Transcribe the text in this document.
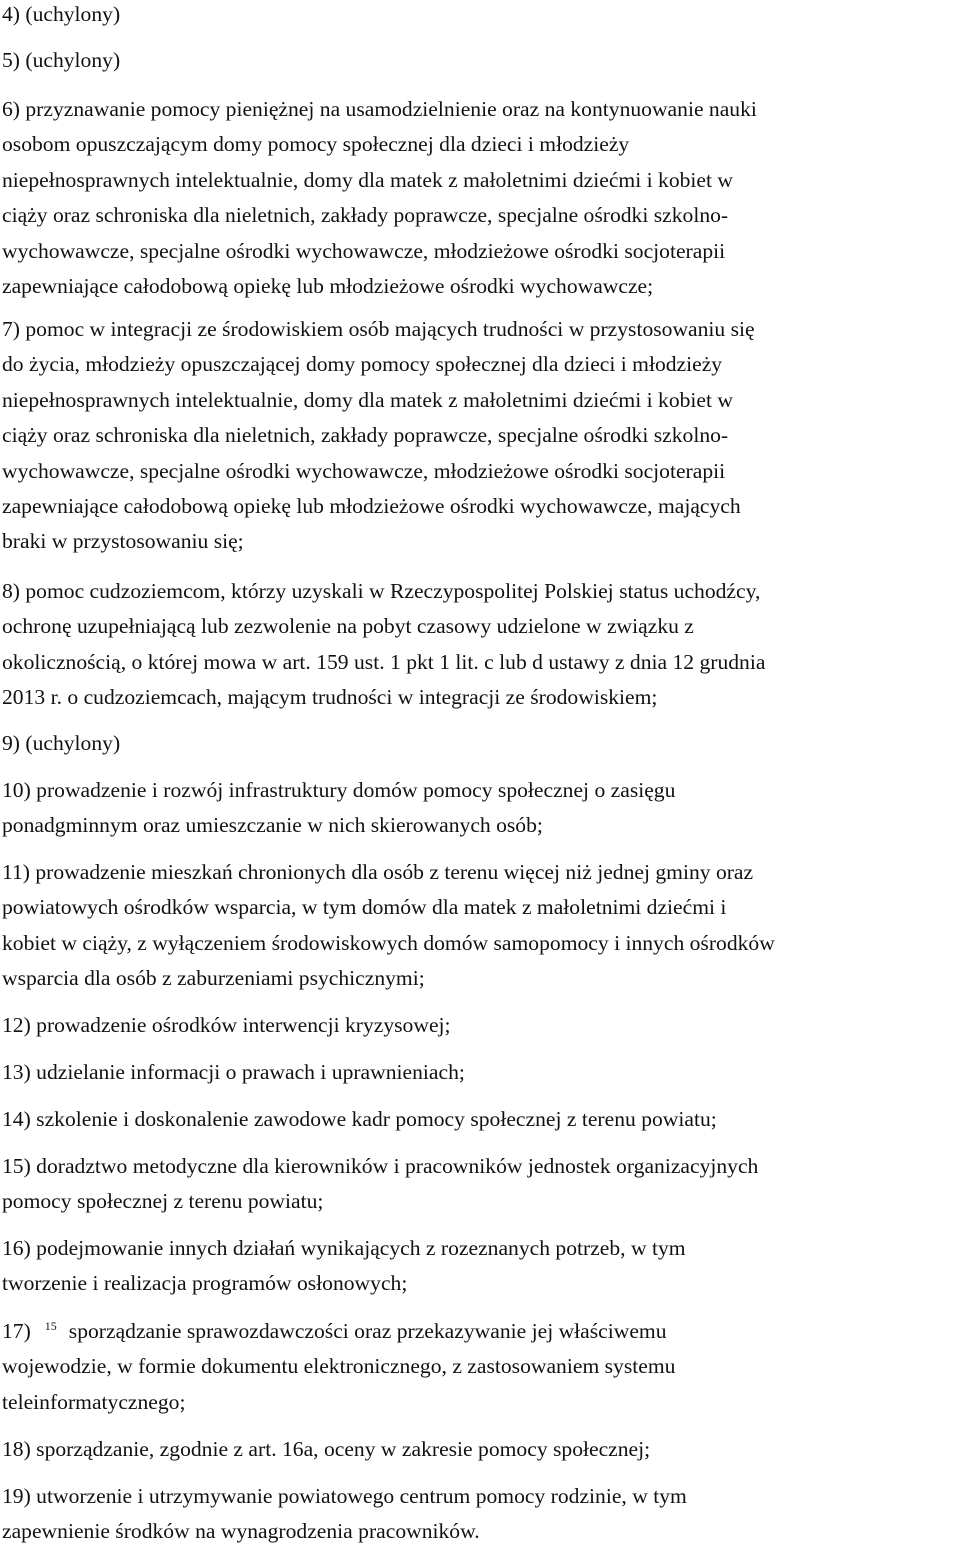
4) (uchylony)
5) (uchylony)
6) przyznawanie pomocy pieniężnej na usamodzielnienie oraz na kontynuowanie nauki
osobom opuszczającym domy pomocy społecznej dla dzieci i młodzieży
niepełnosprawnych intelektualnie, domy dla matek z małoletnimi dziećmi i kobiet w
ciąży oraz schroniska dla nieletnich, zakłady poprawcze, specjalne ośrodki szkolno-
wychowawcze, specjalne ośrodki wychowawcze, młodzieżowe ośrodki socjoterapii
zapewniające całodobową opiekę lub młodzieżowe ośrodki wychowawcze;
7) pomoc w integracji ze środowiskiem osób mających trudności w przystosowaniu się
do życia, młodzieży opuszczającej domy pomocy społecznej dla dzieci i młodzieży
niepełnosprawnych intelektualnie, domy dla matek z małoletnimi dziećmi i kobiet w
ciąży oraz schroniska dla nieletnich, zakłady poprawcze, specjalne ośrodki szkolno-
wychowawcze, specjalne ośrodki wychowawcze, młodzieżowe ośrodki socjoterapii
zapewniające całodobową opiekę lub młodzieżowe ośrodki wychowawcze, mających
braki w przystosowaniu się;
8) pomoc cudzoziemcom, którzy uzyskali w Rzeczypospolitej Polskiej status uchodźcy,
ochronę uzupełniającą lub zezwolenie na pobyt czasowy udzielone w związku z
okolicznością, o której mowa w art. 159 ust. 1 pkt 1 lit. c lub d ustawy z dnia 12 grudnia
2013 r. o cudzoziemcach, mającym trudności w integracji ze środowiskiem;
9) (uchylony)
10) prowadzenie i rozwój infrastruktury domów pomocy społecznej o zasięgu
ponadgminnym oraz umieszczanie w nich skierowanych osób;
11) prowadzenie mieszkań chronionych dla osób z terenu więcej niż jednej gminy oraz
powiatowych ośrodków wsparcia, w tym domów dla matek z małoletnimi dziećmi i
kobiet w ciąży, z wyłączeniem środowiskowych domów samopomocy i innych ośrodków
wsparcia dla osób z zaburzeniami psychicznymi;
12) prowadzenie ośrodków interwencji kryzysowej;
13) udzielanie informacji o prawach i uprawnieniach;
14) szkolenie i doskonalenie zawodowe kadr pomocy społecznej z terenu powiatu;
15) doradztwo metodyczne dla kierowników i pracowników jednostek organizacyjnych
pomocy społecznej z terenu powiatu;
16) podejmowanie innych działań wynikających z rozeznanych potrzeb, w tym
tworzenie i realizacja programów osłonowych;
17) $^{15}$ sporządzanie sprawozdawczości oraz przekazywanie jej właściwemu
wojewodzie, w formie dokumentu elektronicznego, z zastosowaniem systemu
teleinformatycznego;
18) sporządzanie, zgodnie z art. 16a, oceny w zakresie pomocy społecznej;
19) utworzenie i utrzymywanie powiatowego centrum pomocy rodzinie, w tym
zapewnienie środków na wynagrodzenia pracowników.
